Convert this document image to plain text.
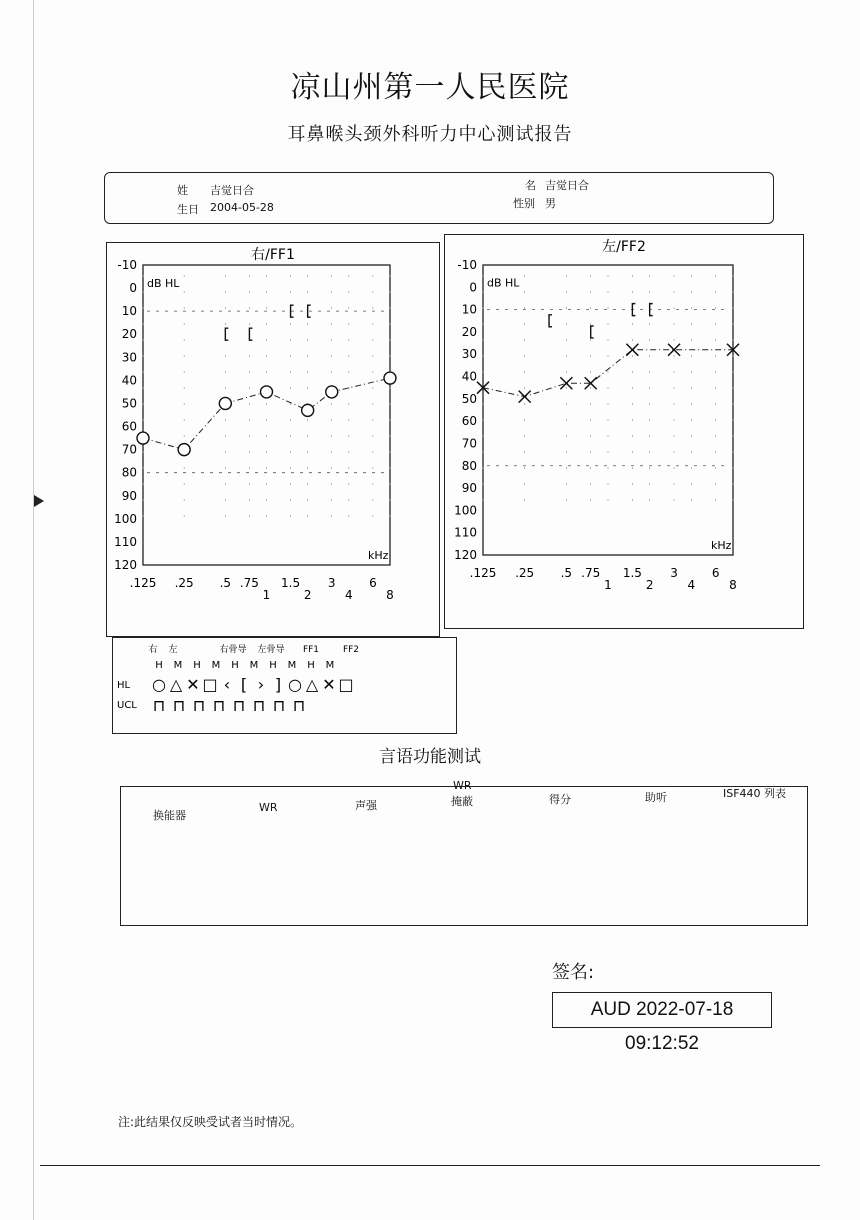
凉山州第一人民医院
耳鼻喉头颈外科听力中心测试报告
姓 吉觉日合
生日 2004-05-28
名 吉觉日合
性别 男
右/FF1
-10
0
10
20
30
40
50
60
70
80
90
100
110
120
dB HL
kHz
.125 .25 .5 .75 1.5 3	6
1	2	4	8
左/FF2
-10
0
10
20
30
40
50
60
70
80
90
100
110
120
dB HL
kHz
.125 .25 .5 .75 1.5 3	6
1	2	4	8
右 左	右骨导 左骨导 FF1	FF2
H M H M H M H M H M
HL
UCL
○ △ ✕ □ ‹ [ › ] ○ △ ✕ □
⊓ ⊓ ⊓ ⊓ ⊓ ⊓ ⊓ ⊓
言语功能测试
换能器
WR	声强
WR
掩蔽	得分	助听	ISF440 列表
签名:
AUD 2022-07-18 09:12:52
注:此结果仅反映受试者当时情况。
